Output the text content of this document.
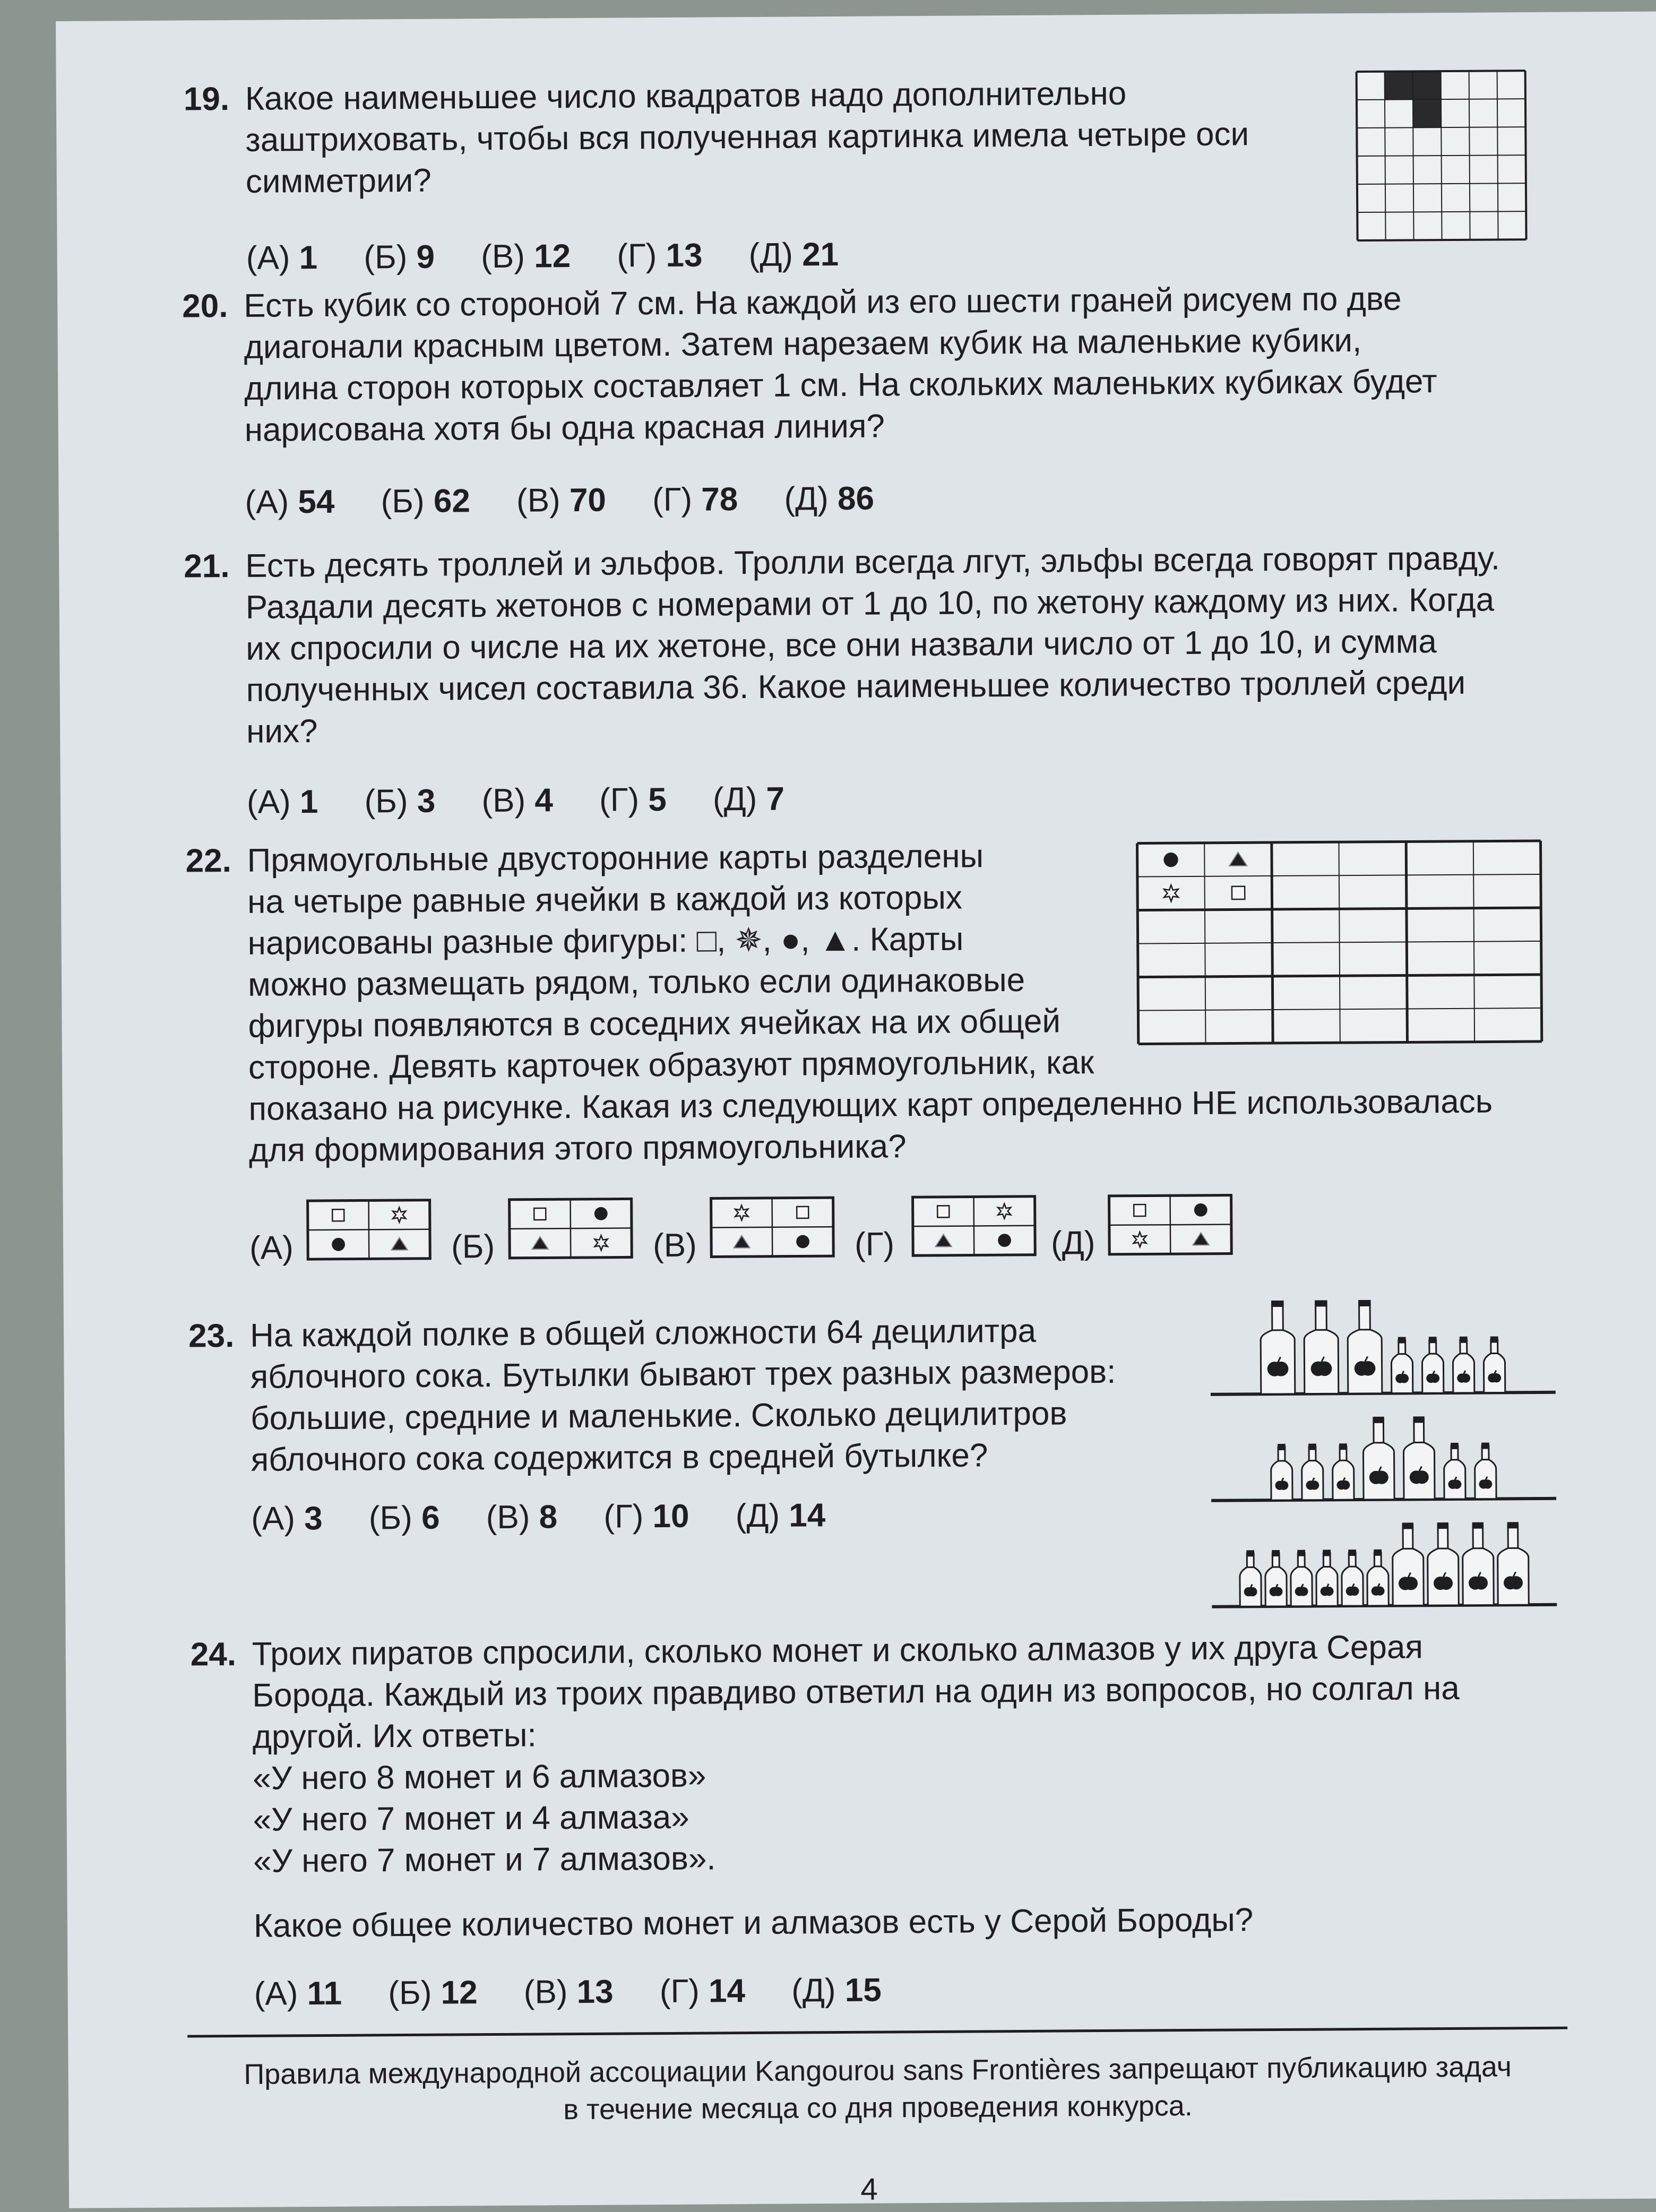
19. Какое наименьшее число квадратов надо дополнительно

заштриховать, чтобы вся полученная картинка имела четыре оси

симметрии?

(А) 1 (Б) 9 (В) 12 (Г) 13 (Д) 21
20. Есть кубик со стороной 7 см. На каждой из его шести граней рисуем по две

диагонали красным цветом. Затем нарезаем кубик на маленькие кубики,

длина сторон которых составляет 1 см. На скольких маленьких кубиках будет

нарисована хотя бы одна красная линия?

(А) 54 (Б) 62 (В) 70 (Г) 78 (Д) 86
21. Есть десять троллей и эльфов. Тролли всегда лгут, эльфы всегда говорят правду.

Раздали десять жетонов с номерами от 1 до 10, по жетону каждому из них. Когда

их спросили о числе на их жетоне, все они назвали число от 1 до 10, и сумма

полученных чисел составила 36. Какое наименьшее количество троллей среди

них?

(А) 1 (Б) 3 (В) 4 (Г) 5 (Д) 7
22. Прямоугольные двусторонние карты разделены

на четыре равные ячейки в каждой из которых

нарисованы разные фигуры: □, ✵, ●, ▲. Карты

можно размещать рядом, только если одинаковые

фигуры появляются в соседних ячейках на их общей

стороне. Девять карточек образуют прямоугольник, как

показано на рисунке. Какая из следующих карт определенно НЕ использовалась

для формирования этого прямоугольника?

(А)	(Б)	(В)	(Г)	(Д)
23. На каждой полке в общей сложности 64 децилитра

яблочного сока. Бутылки бывают трех разных размеров:

большие, средние и маленькие. Сколько децилитров

яблочного сока содержится в средней бутылке?

(А) 3 (Б) 6 (В) 8 (Г) 10 (Д) 14
24. Троих пиратов спросили, сколько монет и сколько алмазов у их друга Серая

Борода. Каждый из троих правдиво ответил на один из вопросов, но солгал на

другой. Их ответы:

«У него 8 монет и 6 алмазов»

«У него 7 монет и 4 алмаза»

«У него 7 монет и 7 алмазов».

Какое общее количество монет и алмазов есть у Серой Бороды?

(А) 11 (Б) 12 (В) 13 (Г) 14 (Д) 15
Правила международной ассоциации Kangourou sans Frontières запрещают публикацию задач
в течение месяца со дня проведения конкурса.
4
